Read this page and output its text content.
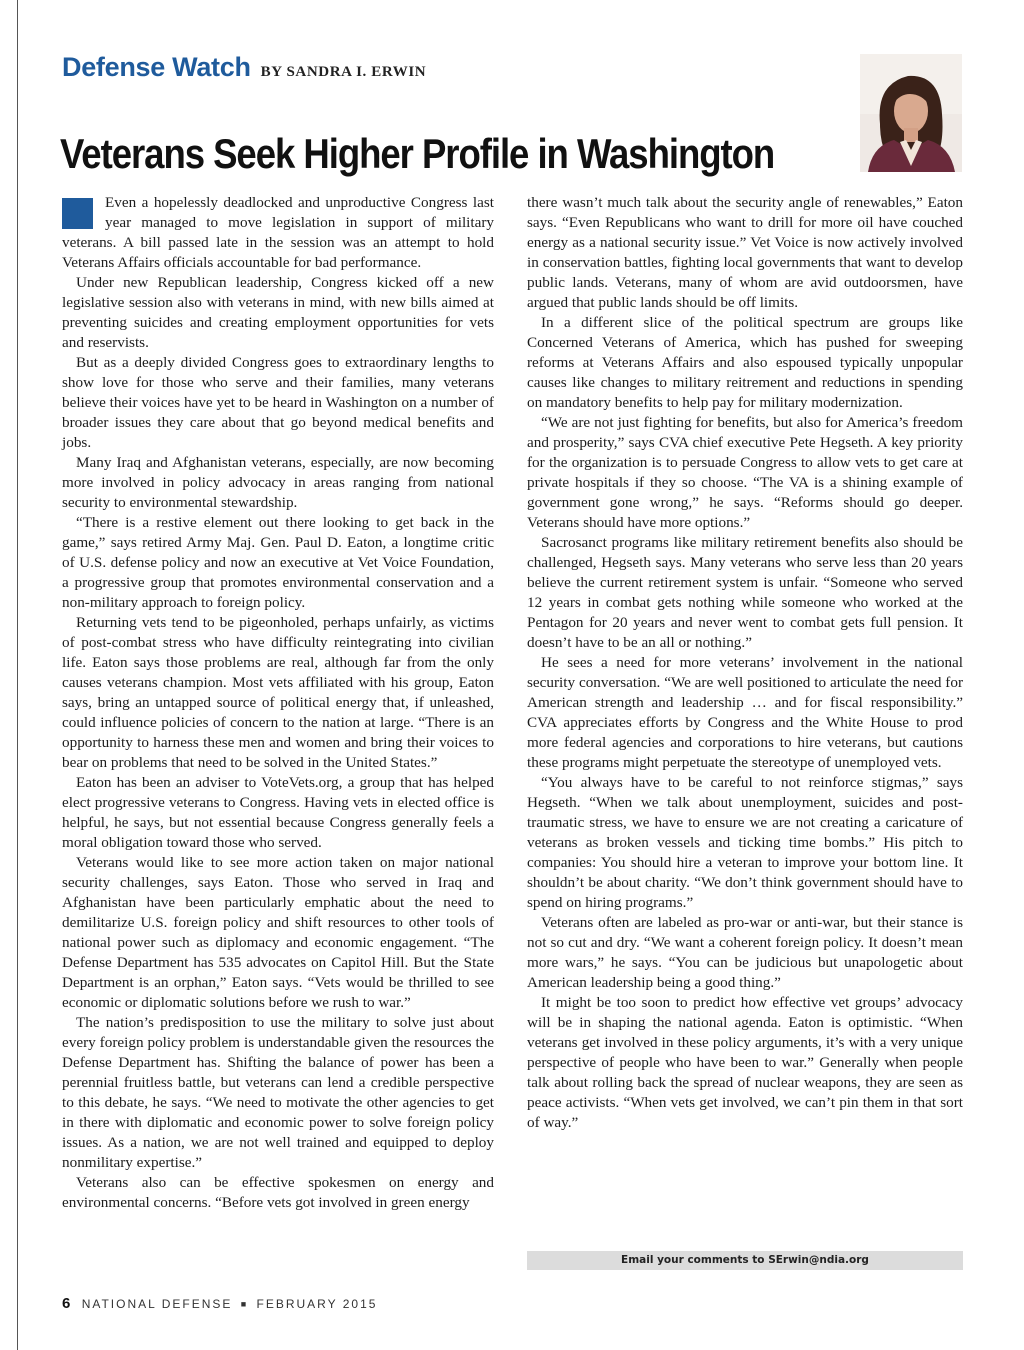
Defense Watch BY SANDRA I. ERWIN
Veterans Seek Higher Profile in Washington

Even a hopelessly deadlocked and unproductive Congress last year managed to move legislation in support of military veterans. A bill passed late in the session was an attempt to hold Veterans Affairs officials accountable for bad performance.

Under new Republican leadership, Congress kicked off a new legislative session also with veterans in mind, with new bills aimed at preventing suicides and creating employment opportunities for vets and reservists.

But as a deeply divided Congress goes to extraordinary lengths to show love for those who serve and their families, many veterans believe their voices have yet to be heard in Washington on a number of broader issues they care about that go beyond medical benefits and jobs.

Many Iraq and Afghanistan veterans, especially, are now becoming more involved in policy advocacy in areas ranging from national security to environmental stewardship.

“There is a restive element out there looking to get back in the game,” says retired Army Maj. Gen. Paul D. Eaton, a longtime critic of U.S. defense policy and now an executive at Vet Voice Foundation, a progressive group that promotes environmental conservation and a non-military approach to foreign policy.

Returning vets tend to be pigeonholed, perhaps unfairly, as victims of post-combat stress who have difficulty reintegrating into civilian life. Eaton says those problems are real, although far from the only causes veterans champion. Most vets affiliated with his group, Eaton says, bring an untapped source of political energy that, if unleashed, could influence policies of concern to the nation at large. “There is an opportunity to harness these men and women and bring their voices to bear on problems that need to be solved in the United States.”

Eaton has been an adviser to VoteVets.org, a group that has helped elect progressive veterans to Congress. Having vets in elected office is helpful, he says, but not essential because Congress generally feels a moral obligation toward those who served.

Veterans would like to see more action taken on major national security challenges, says Eaton. Those who served in Iraq and Afghanistan have been particularly emphatic about the need to demilitarize U.S. foreign policy and shift resources to other tools of national power such as diplomacy and economic engagement. “The Defense Department has 535 advocates on Capitol Hill. But the State Department is an orphan,” Eaton says. “Vets would be thrilled to see economic or diplomatic solutions before we rush to war.”

The nation’s predisposition to use the military to solve just about every foreign policy problem is understandable given the resources the Defense Department has. Shifting the balance of power has been a perennial fruitless battle, but veterans can lend a credible perspective to this debate, he says. “We need to motivate the other agencies to get in there with diplomatic and economic power to solve foreign policy issues. As a nation, we are not well trained and equipped to deploy nonmilitary expertise.”

Veterans also can be effective spokesmen on energy and environmental concerns. “Before vets got involved in green energy

there wasn’t much talk about the security angle of renewables,” Eaton says. “Even Republicans who want to drill for more oil have couched energy as a national security issue.” Vet Voice is now actively involved in conservation battles, fighting local governments that want to develop public lands. Veterans, many of whom are avid outdoorsmen, have argued that public lands should be off limits.

In a different slice of the political spectrum are groups like Concerned Veterans of America, which has pushed for sweeping reforms at Veterans Affairs and also espoused typically unpopular causes like changes to military reitrement and reductions in spending on mandatory benefits to help pay for military modernization.

“We are not just fighting for benefits, but also for America’s freedom and prosperity,” says CVA chief executive Pete Hegseth. A key priority for the organization is to persuade Congress to allow vets to get care at private hospitals if they so choose. “The VA is a shining example of government gone wrong,” he says. “Reforms should go deeper. Veterans should have more options.”

Sacrosanct programs like military retirement benefits also should be challenged, Hegseth says. Many veterans who serve less than 20 years believe the current retirement system is unfair. “Someone who served 12 years in combat gets nothing while someone who worked at the Pentagon for 20 years and never went to combat gets full pension. It doesn’t have to be an all or nothing.”

He sees a need for more veterans’ involvement in the national security conversation. “We are well positioned to articulate the need for American strength and leadership … and for fiscal responsibility.” CVA appreciates efforts by Congress and the White House to prod more federal agencies and corporations to hire veterans, but cautions these programs might perpetuate the stereotype of unemployed vets.

“You always have to be careful to not reinforce stigmas,” says Hegseth. “When we talk about unemployment, suicides and post-traumatic stress, we have to ensure we are not creating a caricature of veterans as broken vessels and ticking time bombs.” His pitch to companies: You should hire a veteran to improve your bottom line. It shouldn’t be about charity. “We don’t think government should have to spend on hiring programs.”

Veterans often are labeled as pro-war or anti-war, but their stance is not so cut and dry. “We want a coherent foreign policy. It doesn’t mean more wars,” he says. “You can be judicious but unapologetic about American leadership being a good thing.”

It might be too soon to predict how effective vet groups’ advocacy will be in shaping the national agenda. Eaton is optimistic. “When veterans get involved in these policy arguments, it’s with a very unique perspective of people who have been to war.” Generally when people talk about rolling back the spread of nuclear weapons, they are seen as peace activists. “When vets get involved, we can’t pin them in that sort of way.”

Email your comments to SErwin@ndia.org
6 NATIONAL DEFENSE ■ FEBRUARY 2015
